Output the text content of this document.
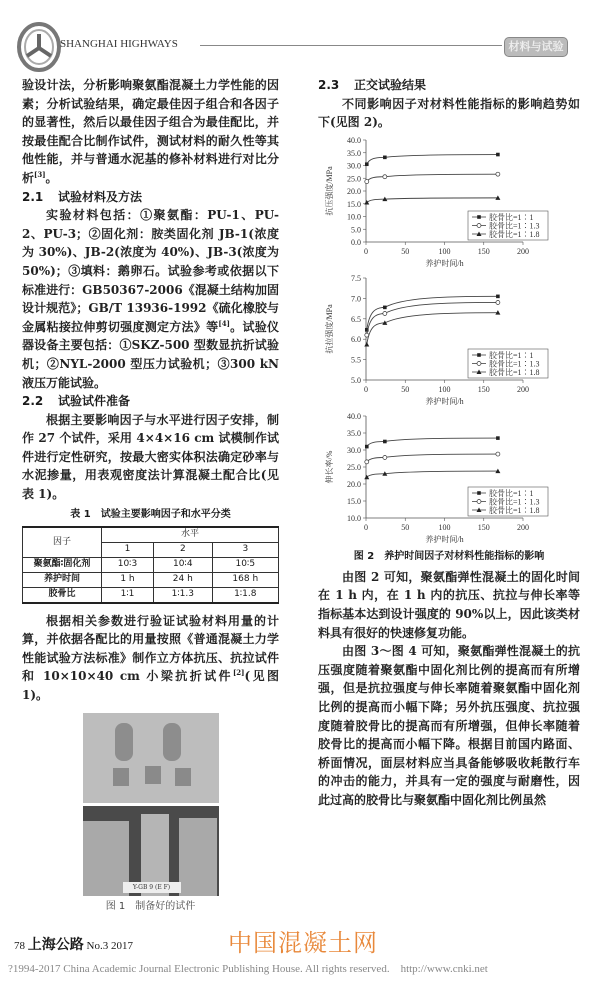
SHANGHAI HIGHWAYS	材料与试验

验设计法，分析影响聚氨酯混凝土力学性能的因素；分析试验结果，确定最佳因子组合和各因子的显著性，然后以最佳因子组合为最佳配比，并按最佳配合比制作试件，测试材料的耐久性等其他性能，并与普通水泥基的修补材料进行对比分析[3]。

2.1 试验材料及方法

实验材料包括：①聚氨酯：PU-1、PU-2、PU-3；②固化剂：胺类固化剂 JB-1(浓度为 30%)、JB-2(浓度为 40%)、JB-3(浓度为 50%)；③填料：鹅卵石。试验参考或依据以下标准进行：GB50367-2006《混凝土结构加固设计规范》；GB/T 13936-1992《硫化橡胶与金属粘接拉伸剪切强度测定方法》等[4]。试验仪器设备主要包括：①SKZ-500 型数显抗折试验机；②NYL-2000 型压力试验机；③300 kN 液压万能试验。

2.2 试验试件准备

根据主要影响因子与水平进行因子安排，制作 27 个试件，采用 4×4×16 cm 试模制作试件进行定性研究，按最大密实体积法确定砂率与水泥掺量，用表观密度法计算混凝土配合比(见表 1)。

表 1　试验主要影响因子和水平分类
因子	水平		
	1	2	3
聚氨酯∶固化剂	10∶3	10∶4	10∶5
养护时间	1 h	24 h	168 h
胶骨比	1∶1	1∶1.3	1∶1.8

根据相关参数进行验证试验材料用量的计算，并依据各配比的用量按照《普通混凝土力学性能试验方法标准》制作立方体抗压、抗拉试件和 10×10×40 cm 小梁抗折试件[2](见图 1)。

Y-GB 9 (E F)
图 1　制备好的试件

2.3 正交试验结果

不同影响因子对材料性能指标的影响趋势如下(见图 2)。

0.0
5.0
10.0
15.0
20.0
25.0
30.0
35.0
40.0
0	50	100	150	200
养护时间/h
抗压强度/MPa
胶骨比=1∶1
胶骨比=1∶1.3
胶骨比=1∶1.8
5.0
5.5
6.0
6.5
7.0
7.5
0	50	100	150	200
养护时间/h
抗拉强度/MPa
胶骨比=1∶1
胶骨比=1∶1.3
胶骨比=1∶1.8
10.0
15.0
20.0
25.0
30.0
35.0
40.0
0	50	100	150	200
养护时间/h
伸长率/%
胶骨比=1∶1
胶骨比=1∶1.3
胶骨比=1∶1.8
图 2　养护时间因子对材料性能指标的影响

由图 2 可知，聚氨酯弹性混凝土的固化时间在 1 h 内，在 1 h 内的抗压、抗拉与伸长率等指标基本达到设计强度的 90%以上，因此该类材料具有很好的快速修复功能。

由图 3～图 4 可知，聚氨酯弹性混凝土的抗压强度随着聚氨酯中固化剂比例的提高而有所增强，但是抗拉强度与伸长率随着聚氨酯中固化剂比例的提高而小幅下降；另外抗压强度、抗拉强度随着胶骨比的提高而有所增强，但伸长率随着胶骨比的提高而小幅下降。根据目前国内路面、桥面情况，面层材料应当具备能够吸收耗散行车的冲击的能力，并具有一定的强度与耐磨性，因此过高的胶骨比与聚氨酯中固化剂比例虽然

78 上海公路 No.3 2017	中国混凝土网
?1994-2017 China Academic Journal Electronic Publishing House. All rights reserved. http://www.cnki.net
